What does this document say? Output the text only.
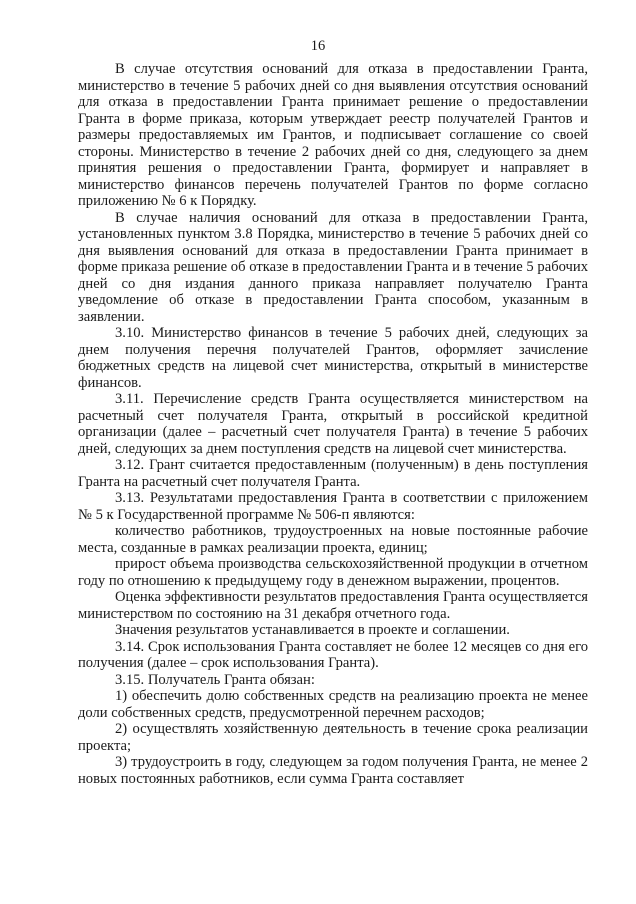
16

В случае отсутствия оснований для отказа в предоставлении Гранта, министерство в течение 5 рабочих дней со дня выявления отсутствия оснований для отказа в предоставлении Гранта принимает решение о предоставлении Гранта в форме приказа, которым утверждает реестр получателей Грантов и размеры предоставляемых им Грантов, и подписывает соглашение со своей стороны. Министерство в течение 2 рабочих дней со дня, следующего за днем принятия решения о предоставлении Гранта, формирует и направляет в министерство финансов перечень получателей Грантов по форме согласно приложению № 6 к Порядку.

В случае наличия оснований для отказа в предоставлении Гранта, установленных пунктом 3.8 Порядка, министерство в течение 5 рабочих дней со дня выявления оснований для отказа в предоставлении Гранта принимает в форме приказа решение об отказе в предоставлении Гранта и в течение 5 рабочих дней со дня издания данного приказа направляет получателю Гранта уведомление об отказе в предоставлении Гранта способом, указанным в заявлении.

3.10. Министерство финансов в течение 5 рабочих дней, следующих за днем получения перечня получателей Грантов, оформляет зачисление бюджетных средств на лицевой счет министерства, открытый в министерстве финансов.

3.11. Перечисление средств Гранта осуществляется министерством на расчетный счет получателя Гранта, открытый в российской кредитной организации (далее – расчетный счет получателя Гранта) в течение 5 рабочих дней, следующих за днем поступления средств на лицевой счет министерства.

3.12. Грант считается предоставленным (полученным) в день поступления Гранта на расчетный счет получателя Гранта.

3.13. Результатами предоставления Гранта в соответствии с приложением № 5 к Государственной программе № 506-п являются:

количество работников, трудоустроенных на новые постоянные рабочие места, созданные в рамках реализации проекта, единиц;

прирост объема производства сельскохозяйственной продукции в отчетном году по отношению к предыдущему году в денежном выражении, процентов.

Оценка эффективности результатов предоставления Гранта осуществляется министерством по состоянию на 31 декабря отчетного года.

Значения результатов устанавливается в проекте и соглашении.

3.14. Срок использования Гранта составляет не более 12 месяцев со дня его получения (далее – срок использования Гранта).

3.15. Получатель Гранта обязан:

1) обеспечить долю собственных средств на реализацию проекта не менее доли собственных средств, предусмотренной перечнем расходов;

2) осуществлять хозяйственную деятельность в течение срока реализации проекта;

3) трудоустроить в году, следующем за годом получения Гранта, не менее 2 новых постоянных работников, если сумма Гранта составляет
